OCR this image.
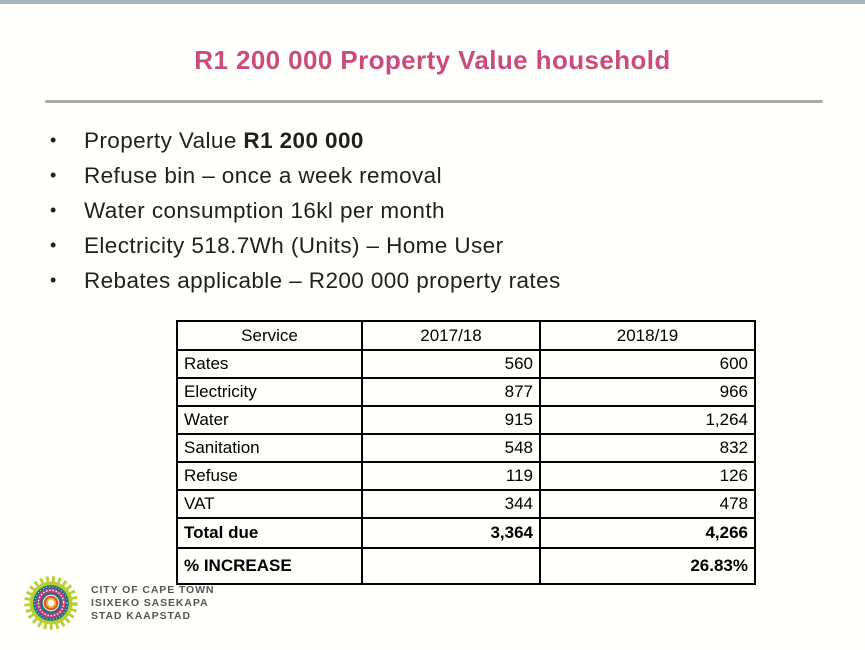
R1 200 000 Property Value household
• Property Value R1 200 000
• Refuse bin – once a week removal
• Water consumption 16kl per month
• Electricity 518.7Wh (Units) – Home User
• Rebates applicable – R200 000 property rates
Service	2017/18	2018/19
Rates	560	600
Electricity	877	966
Water	915	1,264
Sanitation	548	832
Refuse	119	126
VAT	344	478
Total due	3,364	4,266
% INCREASE		26.83%
CITY OF CAPE TOWN
ISIXEKO SASEKAPA
STAD KAAPSTAD
